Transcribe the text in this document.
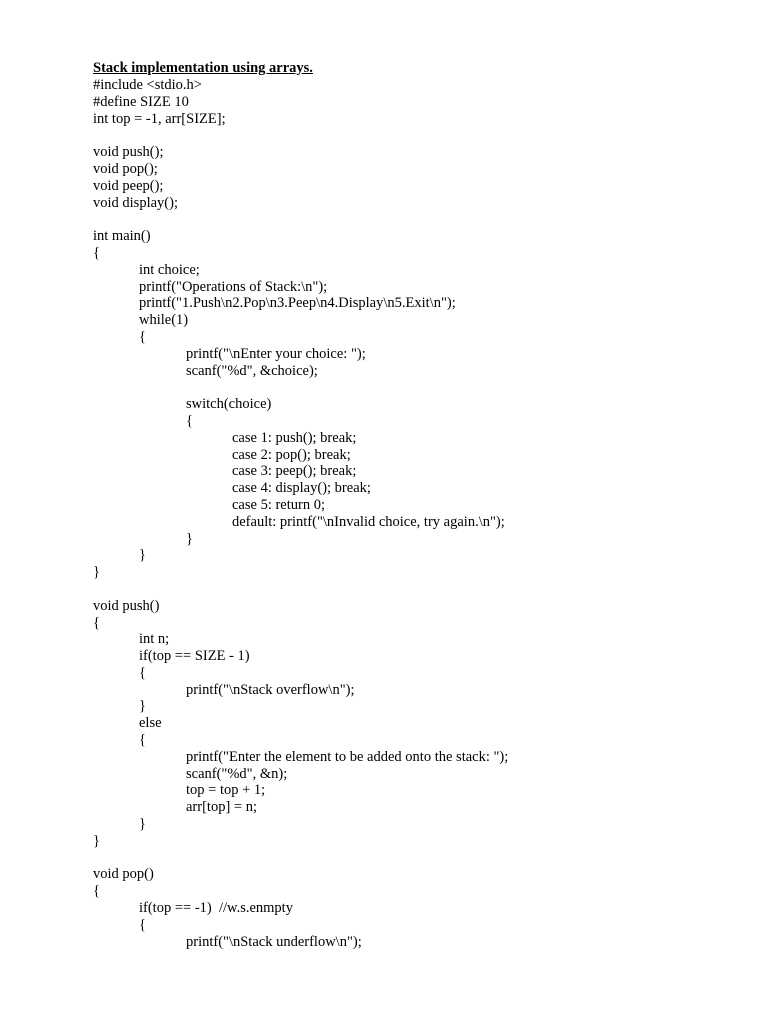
Stack implementation using arrays.
#include <stdio.h>
#define SIZE 10
int top = -1, arr[SIZE];
void push();
void pop();
void peep();
void display();
int main()
{
int choice;
printf("Operations of Stack:\n");
printf("1.Push\n2.Pop\n3.Peep\n4.Display\n5.Exit\n");
while(1)
{
printf("\nEnter your choice: ");
scanf("%d", &choice);
switch(choice)
{
case 1: push(); break;
case 2: pop(); break;
case 3: peep(); break;
case 4: display(); break;
case 5: return 0;
default: printf("\nInvalid choice, try again.\n");
}
}
}
void push()
{
int n;
if(top == SIZE - 1)
{
printf("\nStack overflow\n");
}
else
{
printf("Enter the element to be added onto the stack: ");
scanf("%d", &n);
top = top + 1;
arr[top] = n;
}
}
void pop()
{
if(top == -1)  //w.s.enmpty
{
printf("\nStack underflow\n");
